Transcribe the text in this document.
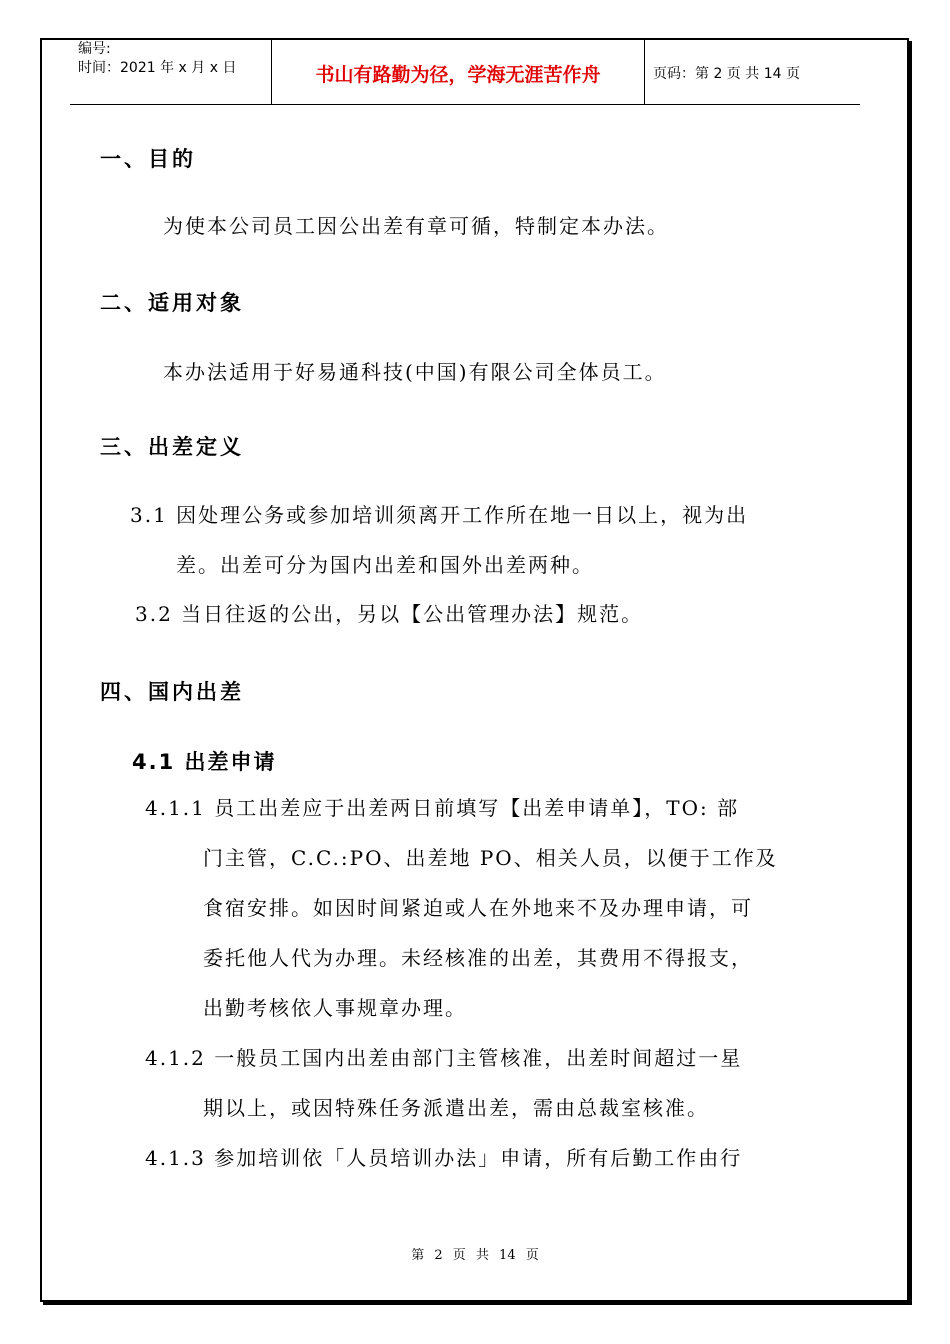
编号:
时间：2021 年 x 月 x 日	书山有路勤为径，学海无涯苦作舟	页码：第 2 页 共 14 页
一、目的
为使本公司员工因公出差有章可循，特制定本办法。
二、适用对象
本办法适用于好易通科技(中国)有限公司全体员工。
三、出差定义
3.1 因处理公务或参加培训须离开工作所在地一日以上，视为出
差。出差可分为国内出差和国外出差两种。
3.2 当日往返的公出，另以【公出管理办法】规范。
四、国内出差
4.1 出差申请
4.1.1 员工出差应于出差两日前填写【出差申请单】，TO: 部
门主管，C.C.:PO、出差地 PO、相关人员，以便于工作及
食宿安排。如因时间紧迫或人在外地来不及办理申请，可
委托他人代为办理。未经核准的出差，其费用不得报支，
出勤考核依人事规章办理。
4.1.2 一般员工国内出差由部门主管核准，出差时间超过一星
期以上，或因特殊任务派遣出差，需由总裁室核准。
4.1.3 参加培训依「人员培训办法」申请，所有后勤工作由行
第 2 页 共 14 页
